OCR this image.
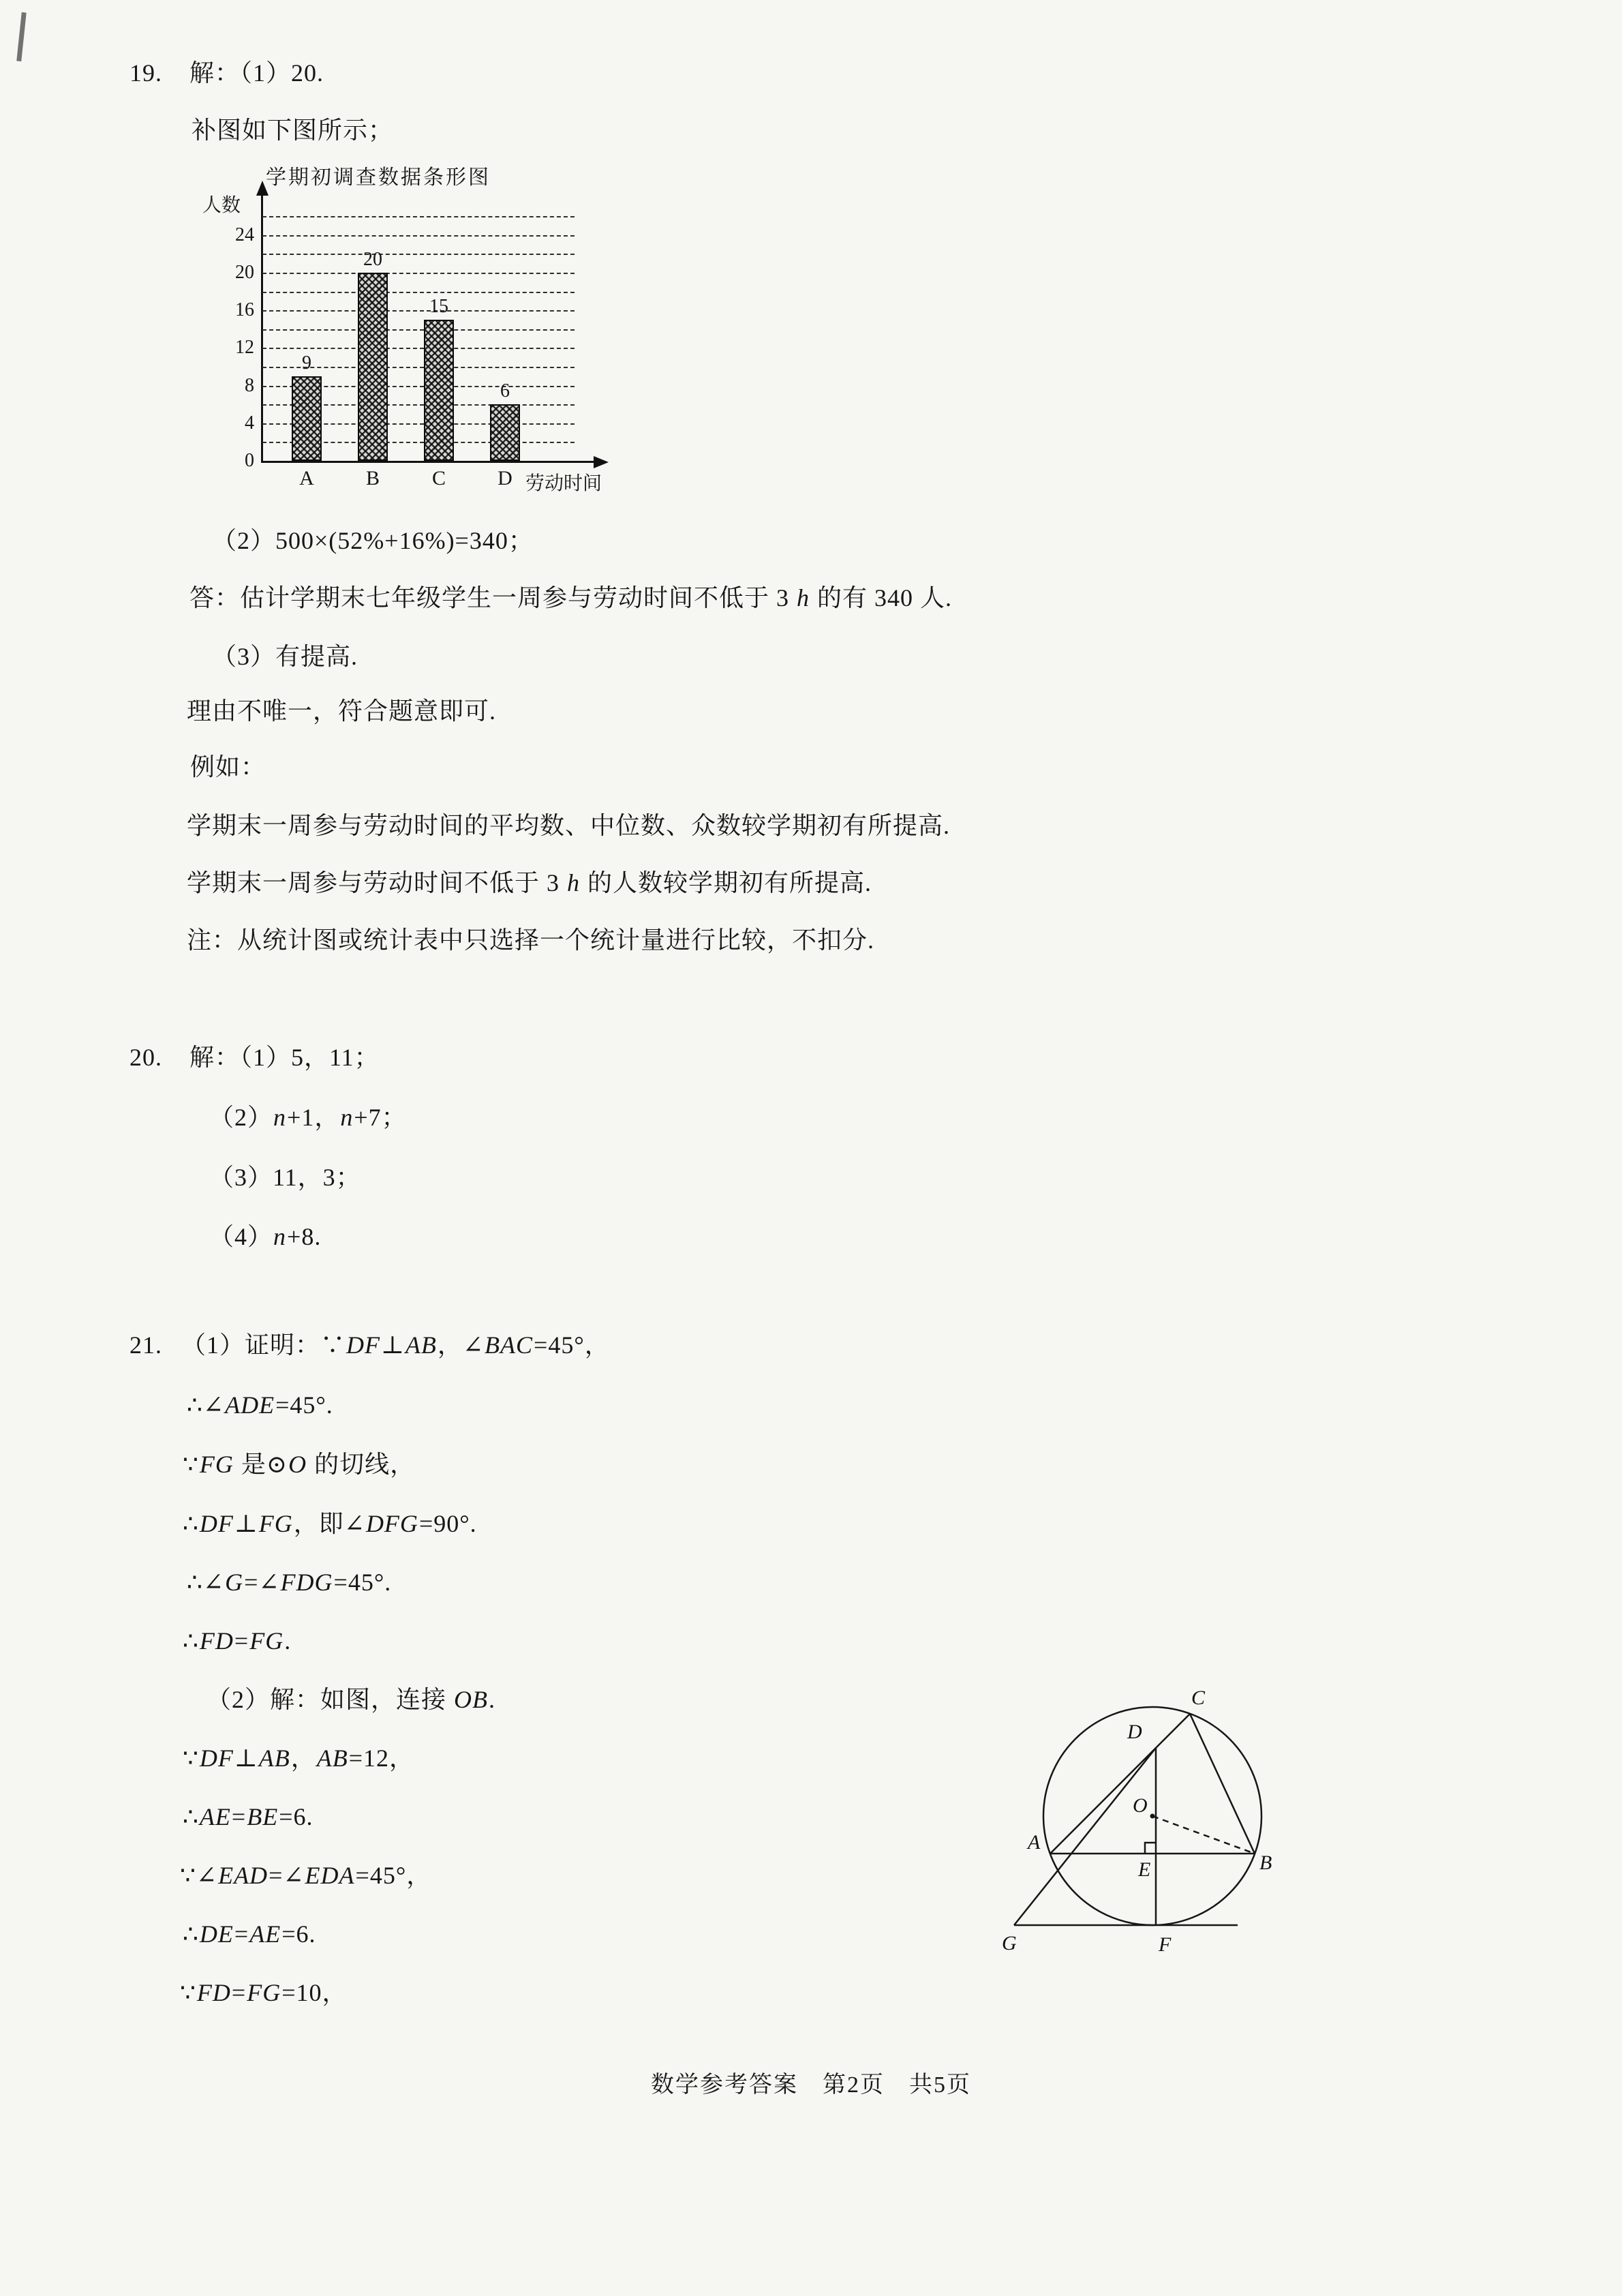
19. 解：（1）20.
补图如下图所示；
学期初调查数据条形图
人数
劳动时间
0
4
8
12
16
20
24
9
A
20
B
15
C
6
D
（2）500×(52%+16%)=340；
答：估计学期末七年级学生一周参与劳动时间不低于 3 h 的有 340 人.
（3）有提高.
理由不唯一，符合题意即可.
例如：
学期末一周参与劳动时间的平均数、中位数、众数较学期初有所提高.
学期末一周参与劳动时间不低于 3 h 的人数较学期初有所提高.
注：从统计图或统计表中只选择一个统计量进行比较，不扣分.
20. 解：（1）5，11；
（2）n+1，n+7；
（3）11，3；
（4）n+8.
21. （1）证明：∵DF⊥AB，∠BAC=45°，
∴∠ADE=45°.
∵FG 是⊙O 的切线，
∴DF⊥FG，即∠DFG=90°.
∴∠G=∠FDG=45°.
∴FD=FG.
（2）解：如图，连接 OB.
∵DF⊥AB，AB=12，
∴AE=BE=6.
∵∠EAD=∠EDA=45°，
∴DE=AE=6.
∵FD=FG=10，
C
D
O
A
E	B
G	F
数学参考答案　第2页　共5页
